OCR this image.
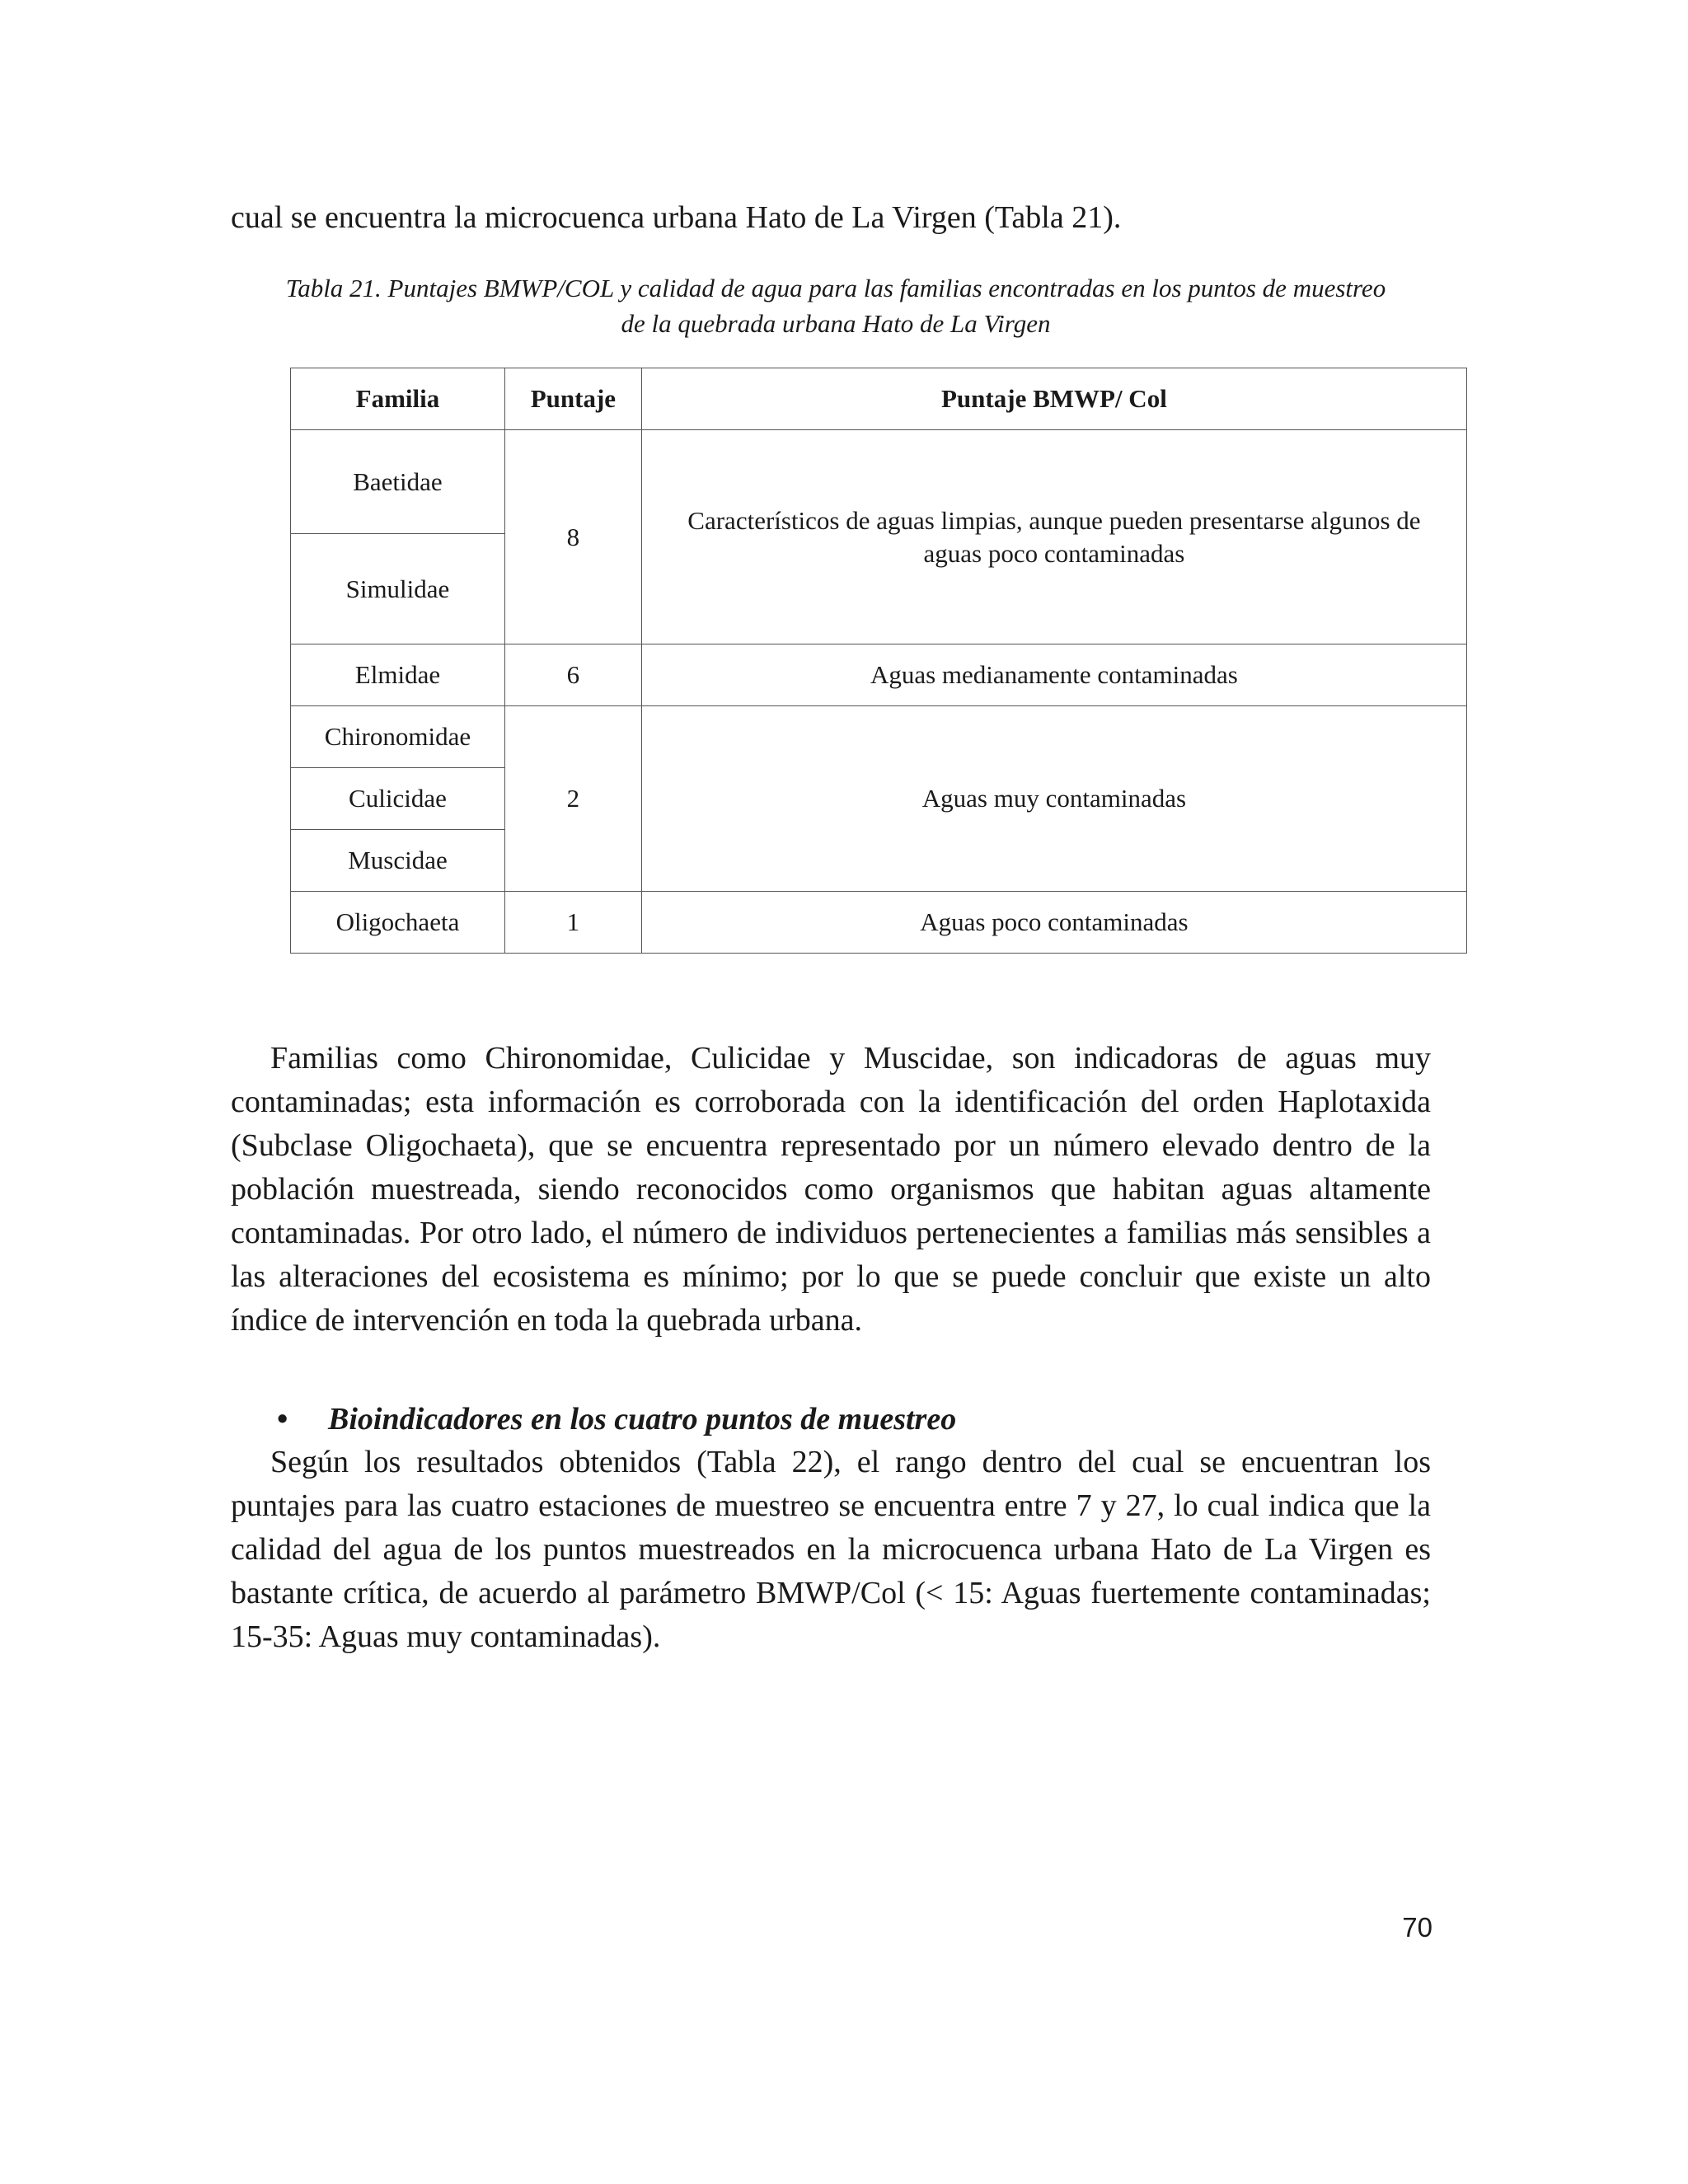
cual se encuentra la microcuenca urbana Hato de La Virgen (Tabla 21).
Tabla 21. Puntajes BMWP/COL y calidad de agua para las familias encontradas en los puntos de muestreo
de la quebrada urbana Hato de La Virgen
Familia	Puntaje	Puntaje BMWP/ Col
Baetidae	8	Característicos de aguas limpias, aunque pueden presentarse algunos de aguas poco contaminadas
Simulidae		
Elmidae	6	Aguas medianamente contaminadas
Chironomidae	2	Aguas muy contaminadas
Culicidae		
Muscidae		
Oligochaeta	1	Aguas poco contaminadas

Familias como Chironomidae, Culicidae y Muscidae, son indicadoras de aguas muy contaminadas; esta información es corroborada con la identificación del orden Haplotaxida (Subclase Oligochaeta), que se encuentra representado por un número elevado dentro de la población muestreada, siendo reconocidos como organismos que habitan aguas altamente contaminadas. Por otro lado, el número de individuos pertenecientes a familias más sensibles a las alteraciones del ecosistema es mínimo; por lo que se puede concluir que existe un alto índice de intervención en toda la quebrada urbana.

• Bioindicadores en los cuatro puntos de muestreo

Según los resultados obtenidos (Tabla 22), el rango dentro del cual se encuentran los puntajes para las cuatro estaciones de muestreo se encuentra entre 7 y 27, lo cual indica que la calidad del agua de los puntos muestreados en la microcuenca urbana Hato de La Virgen es bastante crítica, de acuerdo al parámetro BMWP/Col (< 15: Aguas fuertemente contaminadas; 15-35: Aguas muy contaminadas).

70
